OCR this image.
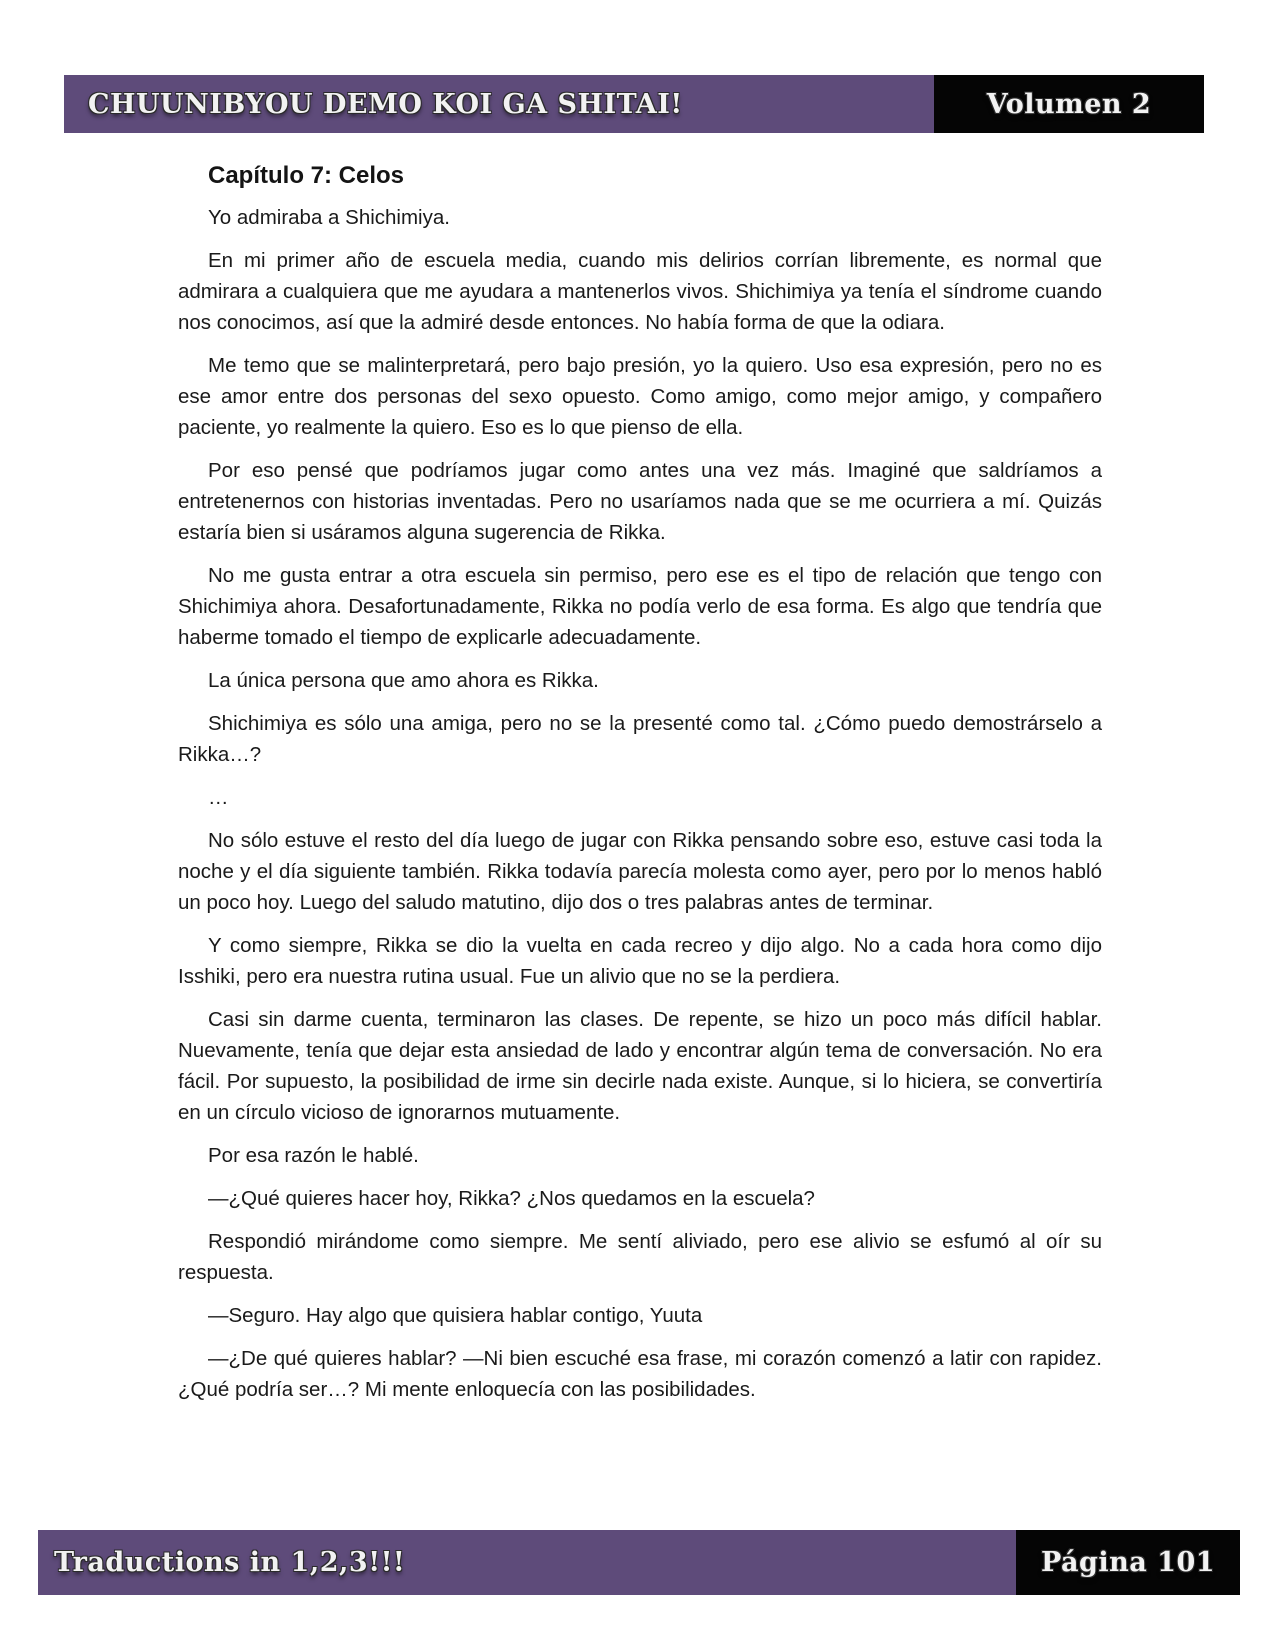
CHUUNIBYOU DEMO KOI GA SHITAI!	Volumen 2
Capítulo 7: Celos

Yo admiraba a Shichimiya.

En mi primer año de escuela media, cuando mis delirios corrían libremente, es normal que admirara a cualquiera que me ayudara a mantenerlos vivos. Shichimiya ya tenía el síndrome cuando nos conocimos, así que la admiré desde entonces. No había forma de que la odiara.

Me temo que se malinterpretará, pero bajo presión, yo la quiero. Uso esa expresión, pero no es ese amor entre dos personas del sexo opuesto. Como amigo, como mejor amigo, y compañero paciente, yo realmente la quiero. Eso es lo que pienso de ella.

Por eso pensé que podríamos jugar como antes una vez más. Imaginé que saldríamos a entretenernos con historias inventadas. Pero no usaríamos nada que se me ocurriera a mí. Quizás estaría bien si usáramos alguna sugerencia de Rikka.

No me gusta entrar a otra escuela sin permiso, pero ese es el tipo de relación que tengo con Shichimiya ahora. Desafortunadamente, Rikka no podía verlo de esa forma. Es algo que tendría que haberme tomado el tiempo de explicarle adecuadamente.

La única persona que amo ahora es Rikka.

Shichimiya es sólo una amiga, pero no se la presenté como tal. ¿Cómo puedo demostrárselo a Rikka…?

…

No sólo estuve el resto del día luego de jugar con Rikka pensando sobre eso, estuve casi toda la noche y el día siguiente también. Rikka todavía parecía molesta como ayer, pero por lo menos habló un poco hoy. Luego del saludo matutino, dijo dos o tres palabras antes de terminar.

Y como siempre, Rikka se dio la vuelta en cada recreo y dijo algo. No a cada hora como dijo Isshiki, pero era nuestra rutina usual. Fue un alivio que no se la perdiera.

Casi sin darme cuenta, terminaron las clases. De repente, se hizo un poco más difícil hablar. Nuevamente, tenía que dejar esta ansiedad de lado y encontrar algún tema de conversación. No era fácil. Por supuesto, la posibilidad de irme sin decirle nada existe. Aunque, si lo hiciera, se convertiría en un círculo vicioso de ignorarnos mutuamente.

Por esa razón le hablé.

—¿Qué quieres hacer hoy, Rikka? ¿Nos quedamos en la escuela?

Respondió mirándome como siempre. Me sentí aliviado, pero ese alivio se esfumó al oír su respuesta.

—Seguro. Hay algo que quisiera hablar contigo, Yuuta

—¿De qué quieres hablar? —Ni bien escuché esa frase, mi corazón comenzó a latir con rapidez. ¿Qué podría ser…? Mi mente enloquecía con las posibilidades.

Traductions in 1,2,3!!!	Página 101
